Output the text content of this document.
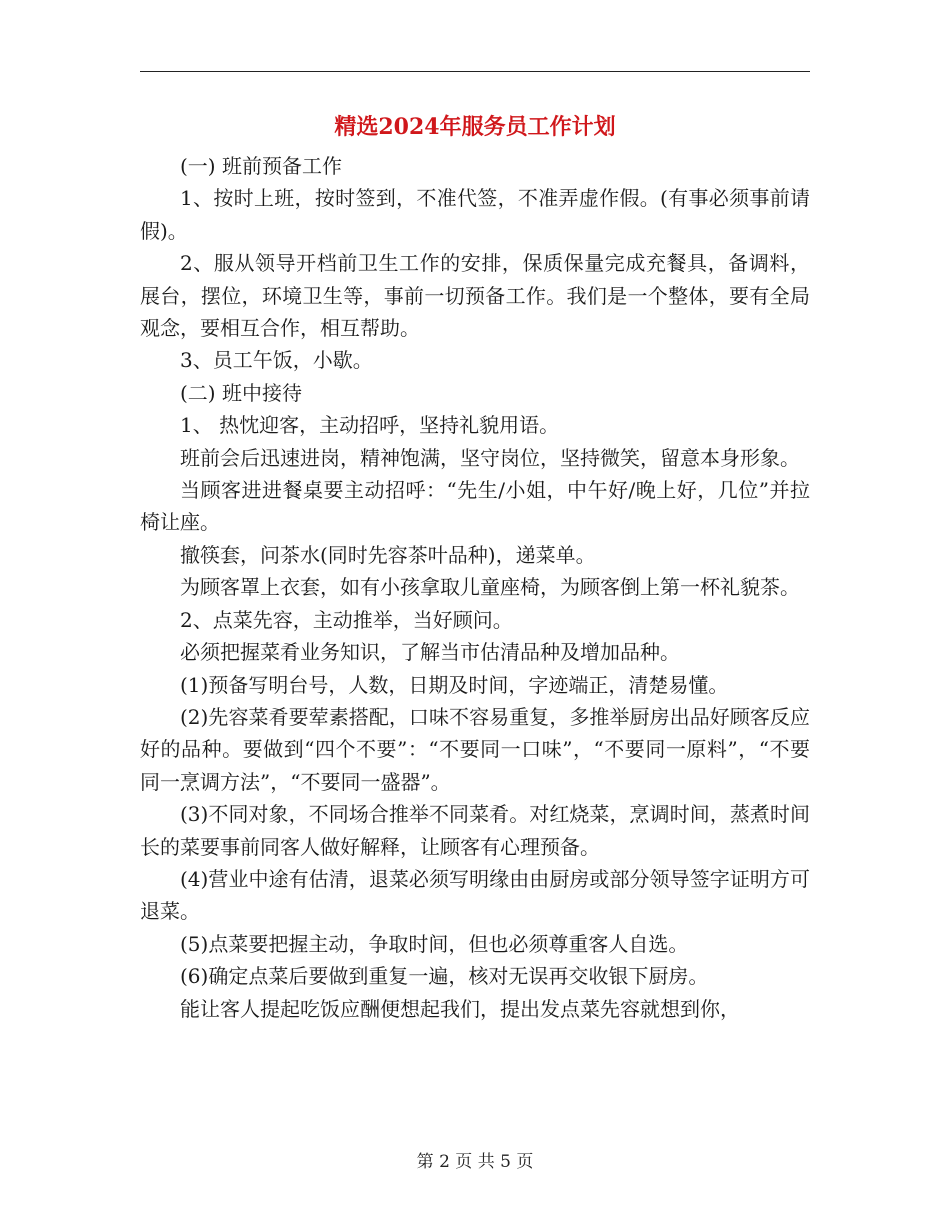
精选2024年服务员工作计划

(一) 班前预备工作

1、按时上班，按时签到，不准代签，不准弄虚作假。(有事必须事前请假)。

2、服从领导开档前卫生工作的安排，保质保量完成充餐具，备调料，展台，摆位，环境卫生等，事前一切预备工作。我们是一个整体，要有全局观念，要相互合作，相互帮助。

3、员工午饭，小歇。

(二) 班中接待

1、 热忱迎客，主动招呼，坚持礼貌用语。

班前会后迅速进岗，精神饱满，坚守岗位，坚持微笑，留意本身形象。

当顾客进进餐桌要主动招呼：“先生/小姐，中午好/晚上好，几位”并拉椅让座。

撤筷套，问茶水(同时先容茶叶品种)，递菜单。

为顾客罩上衣套，如有小孩拿取儿童座椅，为顾客倒上第一杯礼貌茶。

2、点菜先容，主动推举，当好顾问。

必须把握菜肴业务知识，了解当市估清品种及增加品种。

(1)预备写明台号，人数，日期及时间，字迹端正，清楚易懂。

(2)先容菜肴要荤素搭配，口味不容易重复，多推举厨房出品好顾客反应好的品种。要做到“四个不要”：“不要同一口味”，“不要同一原料”，“不要同一烹调方法”，“不要同一盛器”。

(3)不同对象，不同场合推举不同菜肴。对红烧菜，烹调时间，蒸煮时间长的菜要事前同客人做好解释，让顾客有心理预备。

(4)营业中途有估清，退菜必须写明缘由由厨房或部分领导签字证明方可退菜。

(5)点菜要把握主动，争取时间，但也必须尊重客人自选。

(6)确定点菜后要做到重复一遍，核对无误再交收银下厨房。

能让客人提起吃饭应酬便想起我们，提出发点菜先容就想到你，

第 2 页 共 5 页
